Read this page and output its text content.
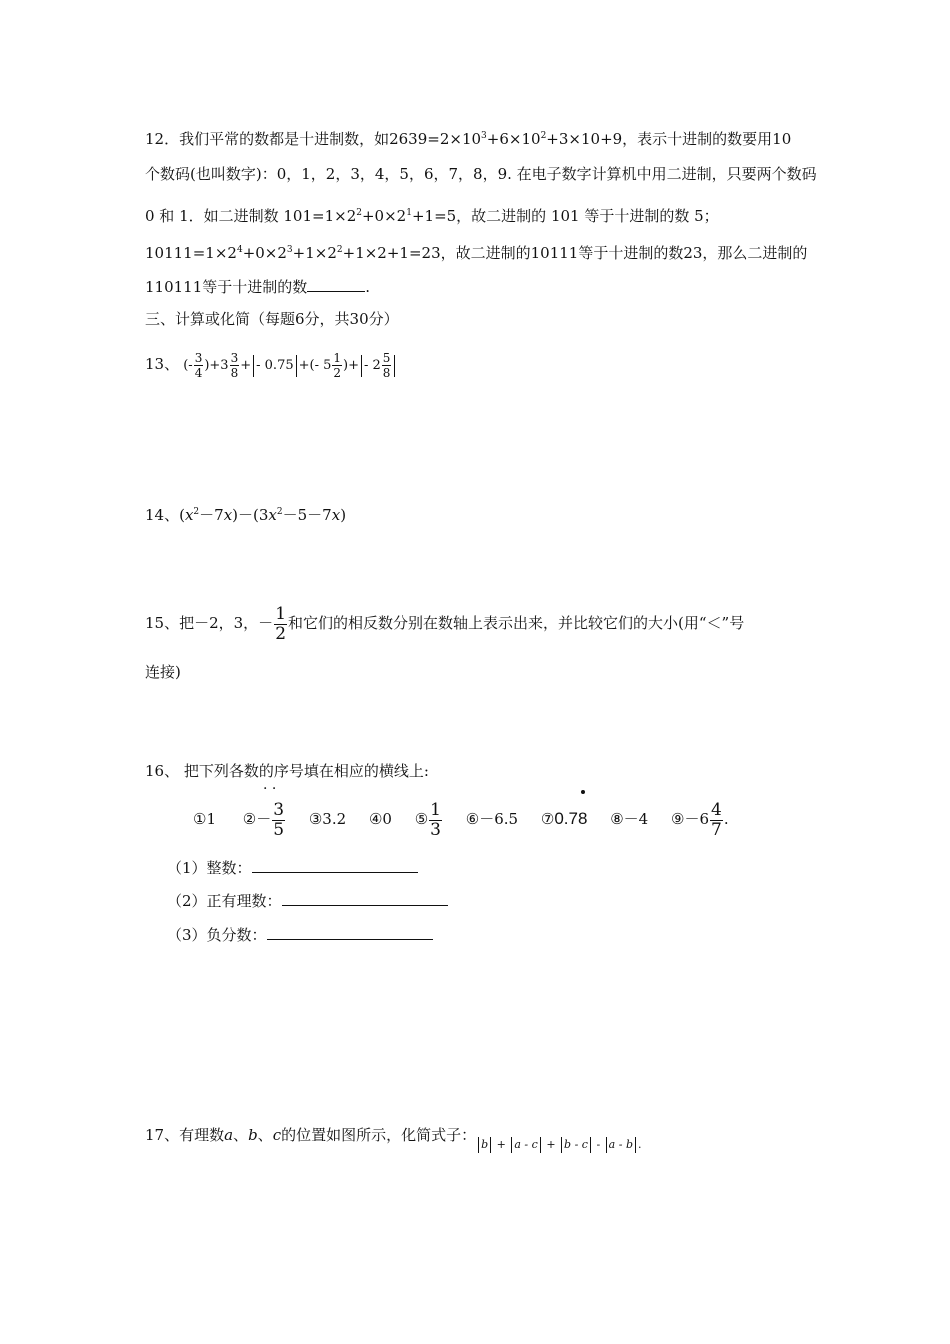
12．我们平常的数都是十进制数，如$2639=2\times 10^3+6\times 10^2+3\times 10+9$，表示十进制的数要用10
个数码(也叫数字)：0，1，2，3，4，5，6，7，8，9. 在电子数字计算机中用二进制，只要两个数码
0 和 1．如二进制数 $101=1\times 2^2+0\times 2^1+1=5$，故二进制的 101 等于十进制的数 5；
$10111=1\times 2^4+0\times 2^3+1\times 2^2+1\times 2+1=23$，故二进制的10111等于十进制的数23，那么二进制的
110111等于十进制的数	.
三、计算或化简（每题6分，共30分）
13、 (- $\frac{3}{4} )+3 \frac{3}{8}$ + - 0.75 +(- $5 \frac{1}{2}$ )+ - $2 \frac{5}{8}$
14、$(x^2-7x)-(3x^2-5-7x)$
15、把－2，3，－ $\frac{1}{2}$ 和它们的相反数分别在数轴上表示出来，并比较它们的大小(用“＜”号
连接)
16、 把下列各数的序号填在相应的横线上:
· ·
①1 ②－ $\frac{3}{5}$ ③3.2 ④0 ⑤ $\frac{1}{3}$ ⑥－6.5 ⑦0.78 ⑧－4 ⑨－6 $\frac{4}{7}$ .
（1）整数：
（2）正有理数：
（3）负分数：
17、有理数a、b、c的位置如图所示，化简式子：b + a - c + b - c - a - b .
